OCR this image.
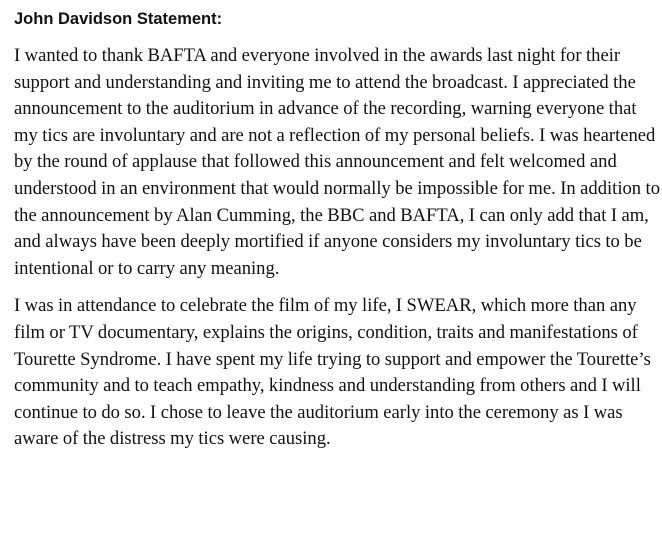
John Davidson Statement:

I wanted to thank BAFTA and everyone involved in the awards last night for their support and understanding and inviting me to attend the broadcast. I appreciated the announcement to the auditorium in advance of the recording, warning everyone that my tics are involuntary and are not a reflection of my personal beliefs. I was heartened by the round of applause that followed this announcement and felt welcomed and understood in an environment that would normally be impossible for me. In addition to the announcement by Alan Cumming, the BBC and BAFTA, I can only add that I am, and always have been deeply mortified if anyone considers my involuntary tics to be intentional or to carry any meaning.

I was in attendance to celebrate the film of my life, I SWEAR, which more than any film or TV documentary, explains the origins, condition, traits and manifestations of Tourette Syndrome. I have spent my life trying to support and empower the Tourette’s community and to teach empathy, kindness and understanding from others and I will continue to do so. I chose to leave the auditorium early into the ceremony as I was aware of the distress my tics were causing.
